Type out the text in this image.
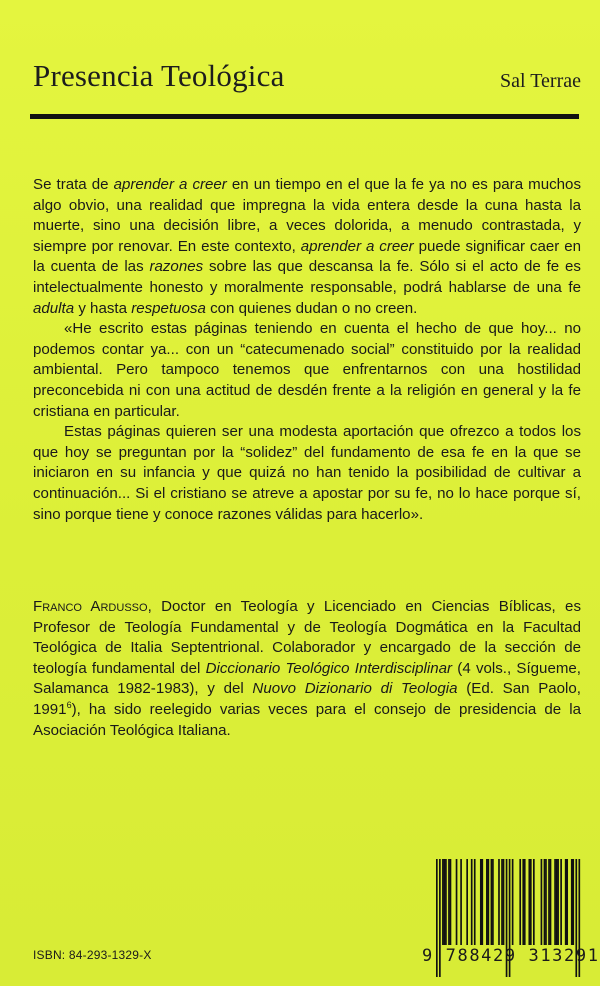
Presencia Teológica	Sal Terrae

Se trata de aprender a creer en un tiempo en el que la fe ya no es para muchos algo obvio, una realidad que impregna la vida entera desde la cuna hasta la muerte, sino una decisión libre, a veces dolorida, a menudo contrastada, y siempre por renovar. En este contexto, aprender a creer puede significar caer en la cuenta de las razones sobre las que descansa la fe. Sólo si el acto de fe es intelectualmente honesto y moralmente responsable, podrá hablarse de una fe adulta y hasta respetuosa con quienes dudan o no creen.

«He escrito estas páginas teniendo en cuenta el hecho de que hoy... no podemos contar ya... con un “catecumenado social” constituido por la realidad ambiental. Pero tampoco tenemos que enfrentarnos con una hostilidad preconcebida ni con una actitud de desdén frente a la religión en general y la fe cristiana en particular.

Estas páginas quieren ser una modesta aportación que ofrezco a todos los que hoy se preguntan por la “solidez” del fundamento de esa fe en la que se iniciaron en su infancia y que quizá no han tenido la posibilidad de cultivar a continuación... Si el cristiano se atreve a apostar por su fe, no lo hace porque sí, sino porque tiene y conoce razones válidas para hacerlo».

Franco Ardusso, Doctor en Teología y Licenciado en Ciencias Bíblicas, es Profesor de Teología Fundamental y de Teología Dogmática en la Facultad Teológica de Italia Septentrional. Colaborador y encargado de la sección de teología fundamental del Diccionario Teológico Interdisciplinar (4 vols., Sígueme, Salamanca 1982-1983), y del Nuovo Dizionario di Teologia (Ed. San Paolo, 1991$^6$), ha sido reelegido varias veces para el consejo de presidencia de la Asociación Teológica Italiana.

ISBN: 84-293-1329-X	9 788429 313291
